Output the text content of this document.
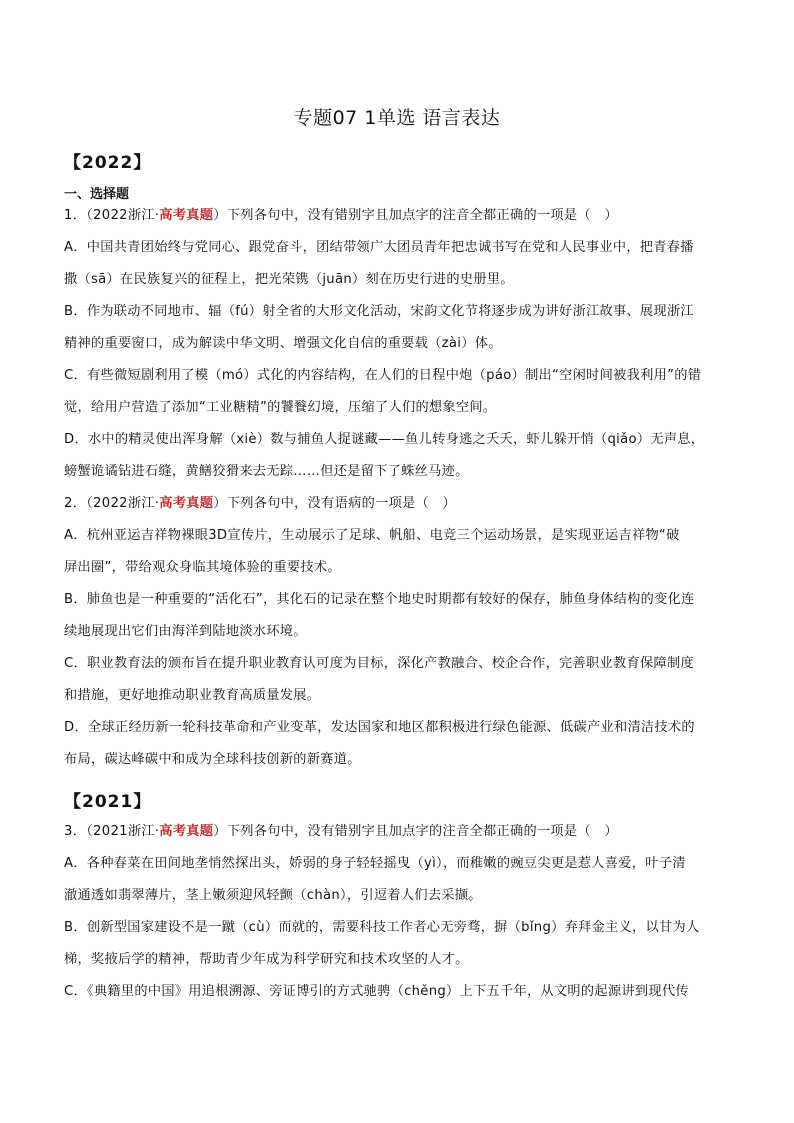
专题07 1单选 语言表达
【2022】
一、选择题
1．（2022浙江·高考真题）下列各句中，没有错别字且加点字的注音全都正确的一项是（　）
A．中国共青团始终与党同心、跟党奋斗，团结带领广大团员青年把忠诚书写在党和人民事业中，把青春播
撒（sā）在民族复兴的征程上，把光荣镌（juān）刻在历史行进的史册里。
B．作为联动不同地市、辐（fú）射全省的大形文化活动，宋韵文化节将逐步成为讲好浙江故事、展现浙江
精神的重要窗口，成为解读中华文明、增强文化自信的重要载（zài）体。
C．有些微短剧利用了模（mó）式化的内容结构，在人们的日程中炮（páo）制出“空闲时间被我利用”的错
觉，给用户营造了添加“工业糖精”的饕餮幻境，压缩了人们的想象空间。
D．水中的精灵使出浑身解（xiè）数与捕鱼人捉谜藏——鱼儿转身逃之夭夭，虾儿躲开悄（qiǎo）无声息，
螃蟹诡谲钻进石缝，黄鳝狡猾来去无踪……但还是留下了蛛丝马迹。
2．（2022浙江·高考真题）下列各句中，没有语病的一项是（　）
A．杭州亚运吉祥物裸眼3D宣传片，生动展示了足球、帆船、电竞三个运动场景，是实现亚运吉祥物“破
屏出圈”，带给观众身临其境体验的重要技术。
B．肺鱼也是一种重要的“活化石”，其化石的记录在整个地史时期都有较好的保存，肺鱼身体结构的变化连
续地展现出它们由海洋到陆地淡水环境。
C．职业教育法的颁布旨在提升职业教育认可度为目标，深化产教融合、校企合作，完善职业教育保障制度
和措施，更好地推动职业教育高质量发展。
D．全球正经历新一轮科技革命和产业变革，发达国家和地区都积极进行绿色能源、低碳产业和清洁技术的
布局，碳达峰碳中和成为全球科技创新的新赛道。
【2021】
3．（2021浙江·高考真题）下列各句中，没有错别字且加点字的注音全都正确的一项是（　）
A．各种春菜在田间地垄悄然探出头，娇弱的身子轻轻摇曳（yì），而稚嫩的豌豆尖更是惹人喜爱，叶子清
澈通透如翡翠薄片，茎上嫩须迎风轻颤（chàn），引逗着人们去采撷。
B．创新型国家建设不是一蹴（cù）而就的，需要科技工作者心无旁骛，摒（bǐng）弃拜金主义，以甘为人
梯，奖掖后学的精神，帮助青少年成为科学研究和技术攻坚的人才。
C．《典籍里的中国》用追根溯源、旁证博引的方式驰骋（chěng）上下五千年，从文明的起源讲到现代传
